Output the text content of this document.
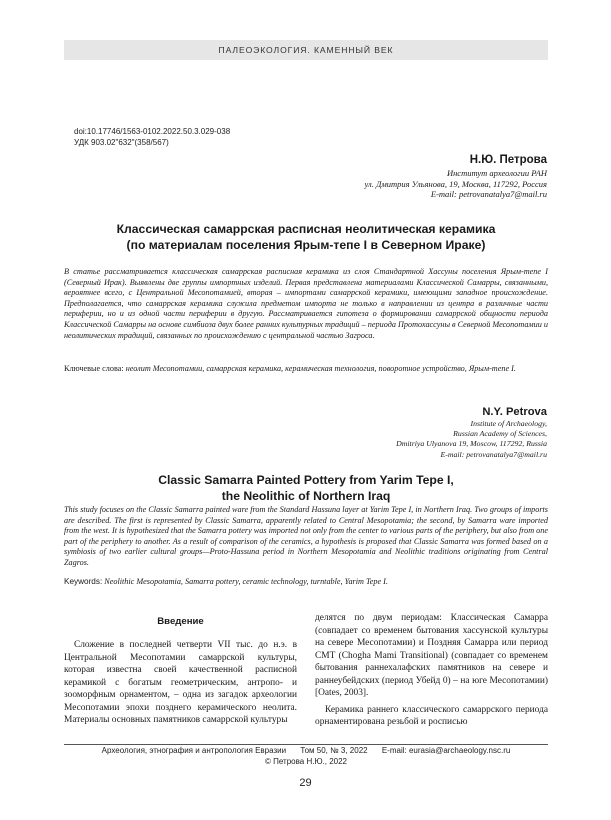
ПАЛЕОЭКОЛОГИЯ. КАМЕННЫЙ ВЕК
doi:10.17746/1563-0102.2022.50.3.029-038
УДК 903.02"632"(358/567)
Н.Ю. Петрова
Институт археологии РАН
ул. Дмитрия Ульянова, 19, Москва, 117292, Россия
E-mail: petrovanatalya7@mail.ru
Классическая самаррская расписная неолитическая керамика
(по материалам поселения Ярым-тепе I в Северном Ираке)
В статье рассматривается классическая самаррская расписная керамика из слоя Стандартной Хассуны поселения Ярым-тепе I (Северный Ирак). Выявлены две группы импортных изделий. Первая представлена материалами Классической Самарры, связанными, вероятнее всего, с Центральной Месопотамией, вторая – импортами самаррской керамики, имеющими западное происхождение. Предполагается, что самаррская керамика служила предметом импорта не только в направлении из центра в различные части периферии, но и из одной части периферии в другую. Рассматривается гипотеза о формировании самаррской общности периода Классической Самарры на основе симбиоза двух более ранних культурных традиций – периода Протохассуны в Северной Месопотамии и неолитических традиций, связанных по происхождению с центральной частью Загроса.
Ключевые слова: неолит Месопотамии, самаррская керамика, керамическая технология, поворотное устройство, Ярым-тепе I.
N.Y. Petrova
Institute of Archaeology,
Russian Academy of Sciences,
Dmitriya Ulyanova 19, Moscow, 117292, Russia
E-mail: petrovanatalya7@mail.ru
Classic Samarra Painted Pottery from Yarim Tepe I,
the Neolithic of Northern Iraq
This study focuses on the Classic Samarra painted ware from the Standard Hassuna layer at Yarim Tepe I, in Northern Iraq. Two groups of imports are described. The first is represented by Classic Samarra, apparently related to Central Mesopotamia; the second, by Samarra ware imported from the west. It is hypothesized that the Samarra pottery was imported not only from the center to various parts of the periphery, but also from one part of the periphery to another. As a result of comparison of the ceramics, a hypothesis is proposed that Classic Samarra was formed based on a symbiosis of two earlier cultural groups—Proto-Hassuna period in Northern Mesopotamia and Neolithic traditions originating from Central Zagros.
Keywords: Neolithic Mesopotamia, Samarra pottery, ceramic technology, turntable, Yarim Tepe I.
Введение
Сложение в последней четверти VII тыс. до н.э. в Центральной Месопотамии самаррской культуры, которая известна своей качественной расписной керамикой с богатым геометрическим, антропо- и зооморфным орнаментом, – одна из загадок археологии Месопотамии эпохи позднего керамического неолита. Материалы основных памятников самаррской культуры
делятся по двум периодам: Классическая Самарра (совпадает со временем бытования хассунской культуры на севере Месопотамии) и Поздняя Самарра или период СМТ (Chogha Mami Transitional) (совпадает со временем бытования раннехалафских памятников на севере и раннеубейдских (период Убейд 0) – на юге Месопотамии) [Oates, 2003].
Керамика раннего классического самаррского периода орнаментирована резьбой и росписью
Археология, этнография и антропология Евразии Том 50, № 3, 2022 E-mail: eurasia@archaeology.nsc.ru
© Петрова Н.Ю., 2022
29
